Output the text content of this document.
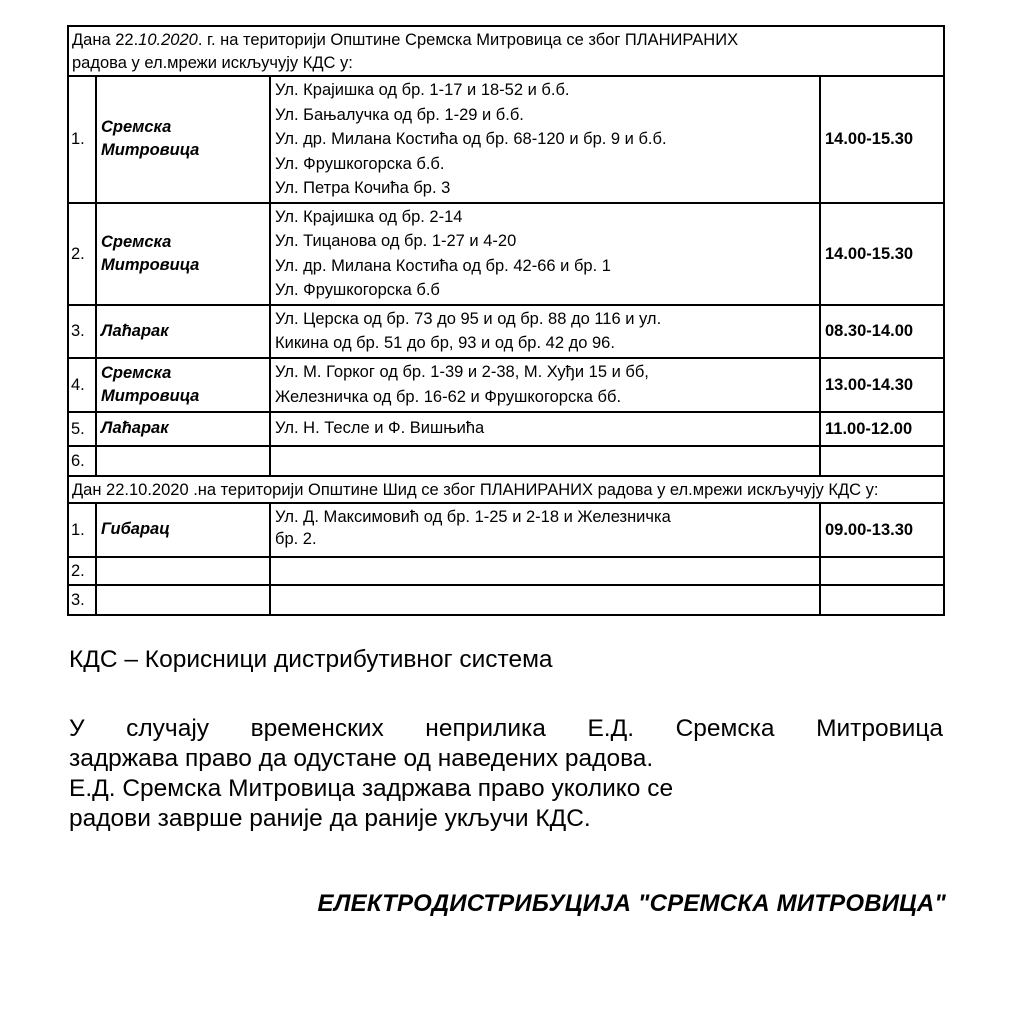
Дана 22.10.2020. г. на територији Општине Сремска Митровица се због ПЛАНИРАНИХ
радова у ел.мрежи искључују КДС у:			
1.	Сремска Митровица	Ул. Крајишка од бр. 1-17 и 18-52 и б.б.
Ул. Бањалучка од бр. 1-29 и б.б.
Ул. др. Милана Костића од бр. 68-120 и бр. 9 и б.б.
Ул. Фрушкогорска б.б.
Ул. Петра Кочића бр. 3	14.00-15.30
2.	Сремска Митровица	Ул. Крајишка од бр. 2-14
Ул. Тицанова од бр. 1-27 и 4-20
Ул. др. Милана Костића од бр. 42-66 и бр. 1
Ул. Фрушкогорска б.б	14.00-15.30
3.	Лаћарак	Ул. Церска од бр. 73 до 95 и од бр. 88 до 116 и ул.
Кикина од бр. 51 до бр, 93 и од бр. 42 до 96.	08.30-14.00
4.	Сремска Митровица	Ул. М. Горког од бр. 1-39 и 2-38, М. Хуђи 15 и бб,
Железничка од бр. 16-62 и Фрушкогорска бб.	13.00-14.30
5.	Лаћарак	Ул. Н. Тесле и Ф. Вишњића	11.00-12.00
6.			
Дан 22.10.2020 .на територији Општине Шид се због ПЛАНИРАНИХ радова у ел.мрежи искључују КДС у:			
1.	Гибарац	Ул. Д. Максимовић од бр. 1-25 и 2-18 и Железничка
бр. 2.	09.00-13.30
2.			
3.			
КДС – Корисници дистрибутивног система
У случају временских неприлика Е.Д. Сремска Митровица
задржава право да одустане од наведених радова.
Е.Д. Сремска Митровица задржава право уколико се
радови заврше раније да раније укључи КДС.
ЕЛЕКТРОДИСТРИБУЦИЈА "СРЕМСКА МИТРОВИЦА"
